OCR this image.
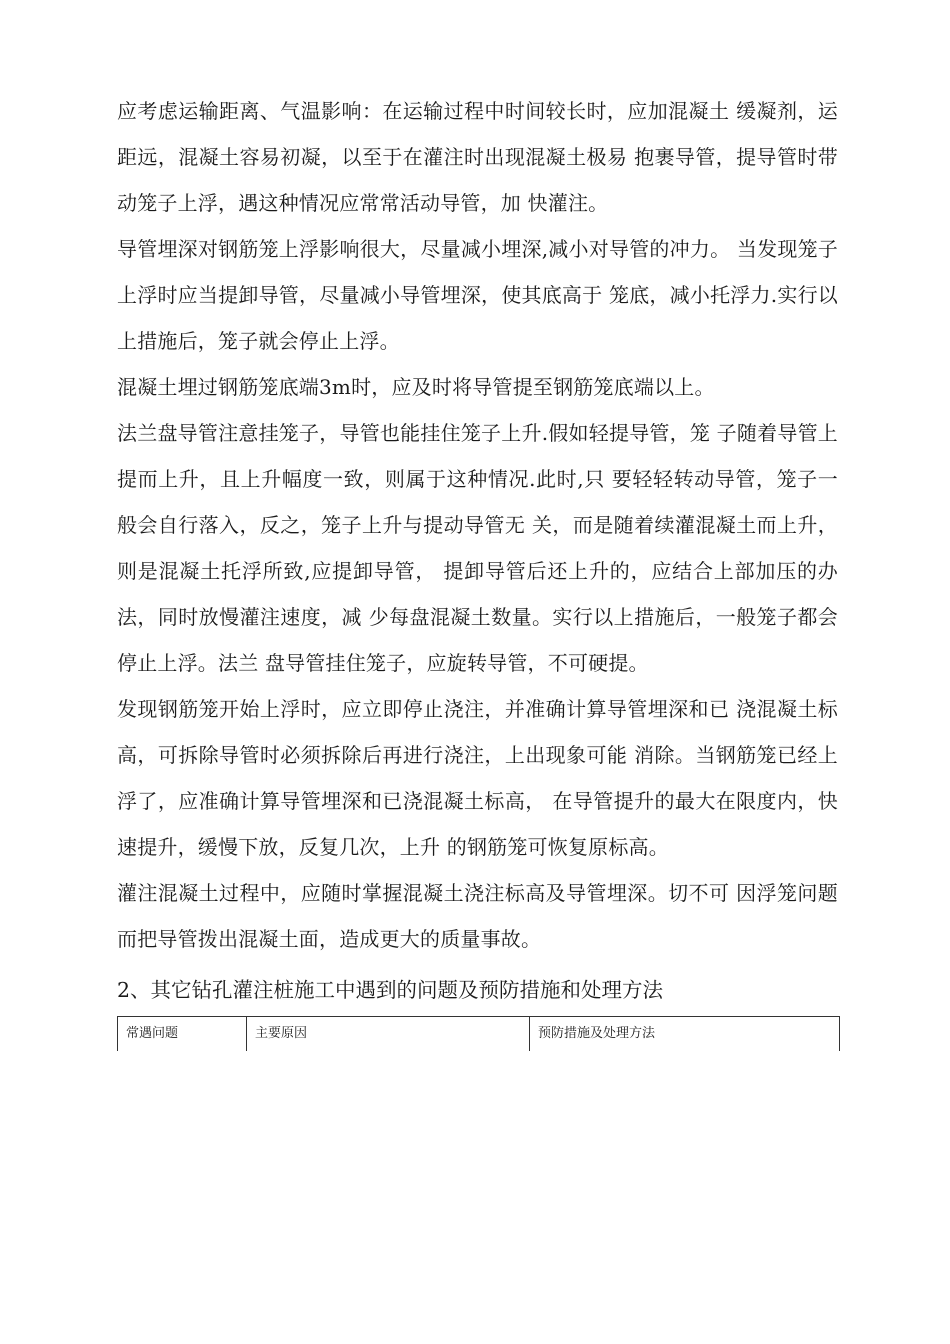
应考虑运输距离、气温影响：在运输过程中时间较长时，应加混凝土 缓凝剂，运距远，混凝土容易初凝，以至于在灌注时出现混凝土极易 抱裹导管，提导管时带动笼子上浮，遇这种情况应常常活动导管，加 快灌注。

导管埋深对钢筋笼上浮影响很大，尽量减小埋深,减小对导管的冲力。 当发现笼子上浮时应当提卸导管，尽量减小导管埋深，使其底高于 笼底，减小托浮力.实行以上措施后，笼子就会停止上浮。

混凝土埋过钢筋笼底端3m时，应及时将导管提至钢筋笼底端以上。

法兰盘导管注意挂笼子，导管也能挂住笼子上升.假如轻提导管，笼 子随着导管上提而上升，且上升幅度一致，则属于这种情况.此时,只 要轻轻转动导管，笼子一般会自行落入，反之，笼子上升与提动导管无 关，而是随着续灌混凝土而上升，则是混凝土托浮所致,应提卸导管， 提卸导管后还上升的，应结合上部加压的办法，同时放慢灌注速度，减 少每盘混凝土数量。实行以上措施后，一般笼子都会停止上浮。法兰 盘导管挂住笼子，应旋转导管，不可硬提。

发现钢筋笼开始上浮时，应立即停止浇注，并准确计算导管埋深和已 浇混凝土标高，可拆除导管时必须拆除后再进行浇注，上出现象可能 消除。当钢筋笼已经上浮了，应准确计算导管埋深和已浇混凝土标高， 在导管提升的最大在限度内，快速提升，缓慢下放，反复几次，上升 的钢筋笼可恢复原标高。

灌注混凝土过程中，应随时掌握混凝土浇注标高及导管埋深。切不可 因浮笼问题而把导管拨出混凝土面，造成更大的质量事故。

2、其它钻孔灌注桩施工中遇到的问题及预防措施和处理方法

常遇问题	主要原因	预防措施及处理方法
